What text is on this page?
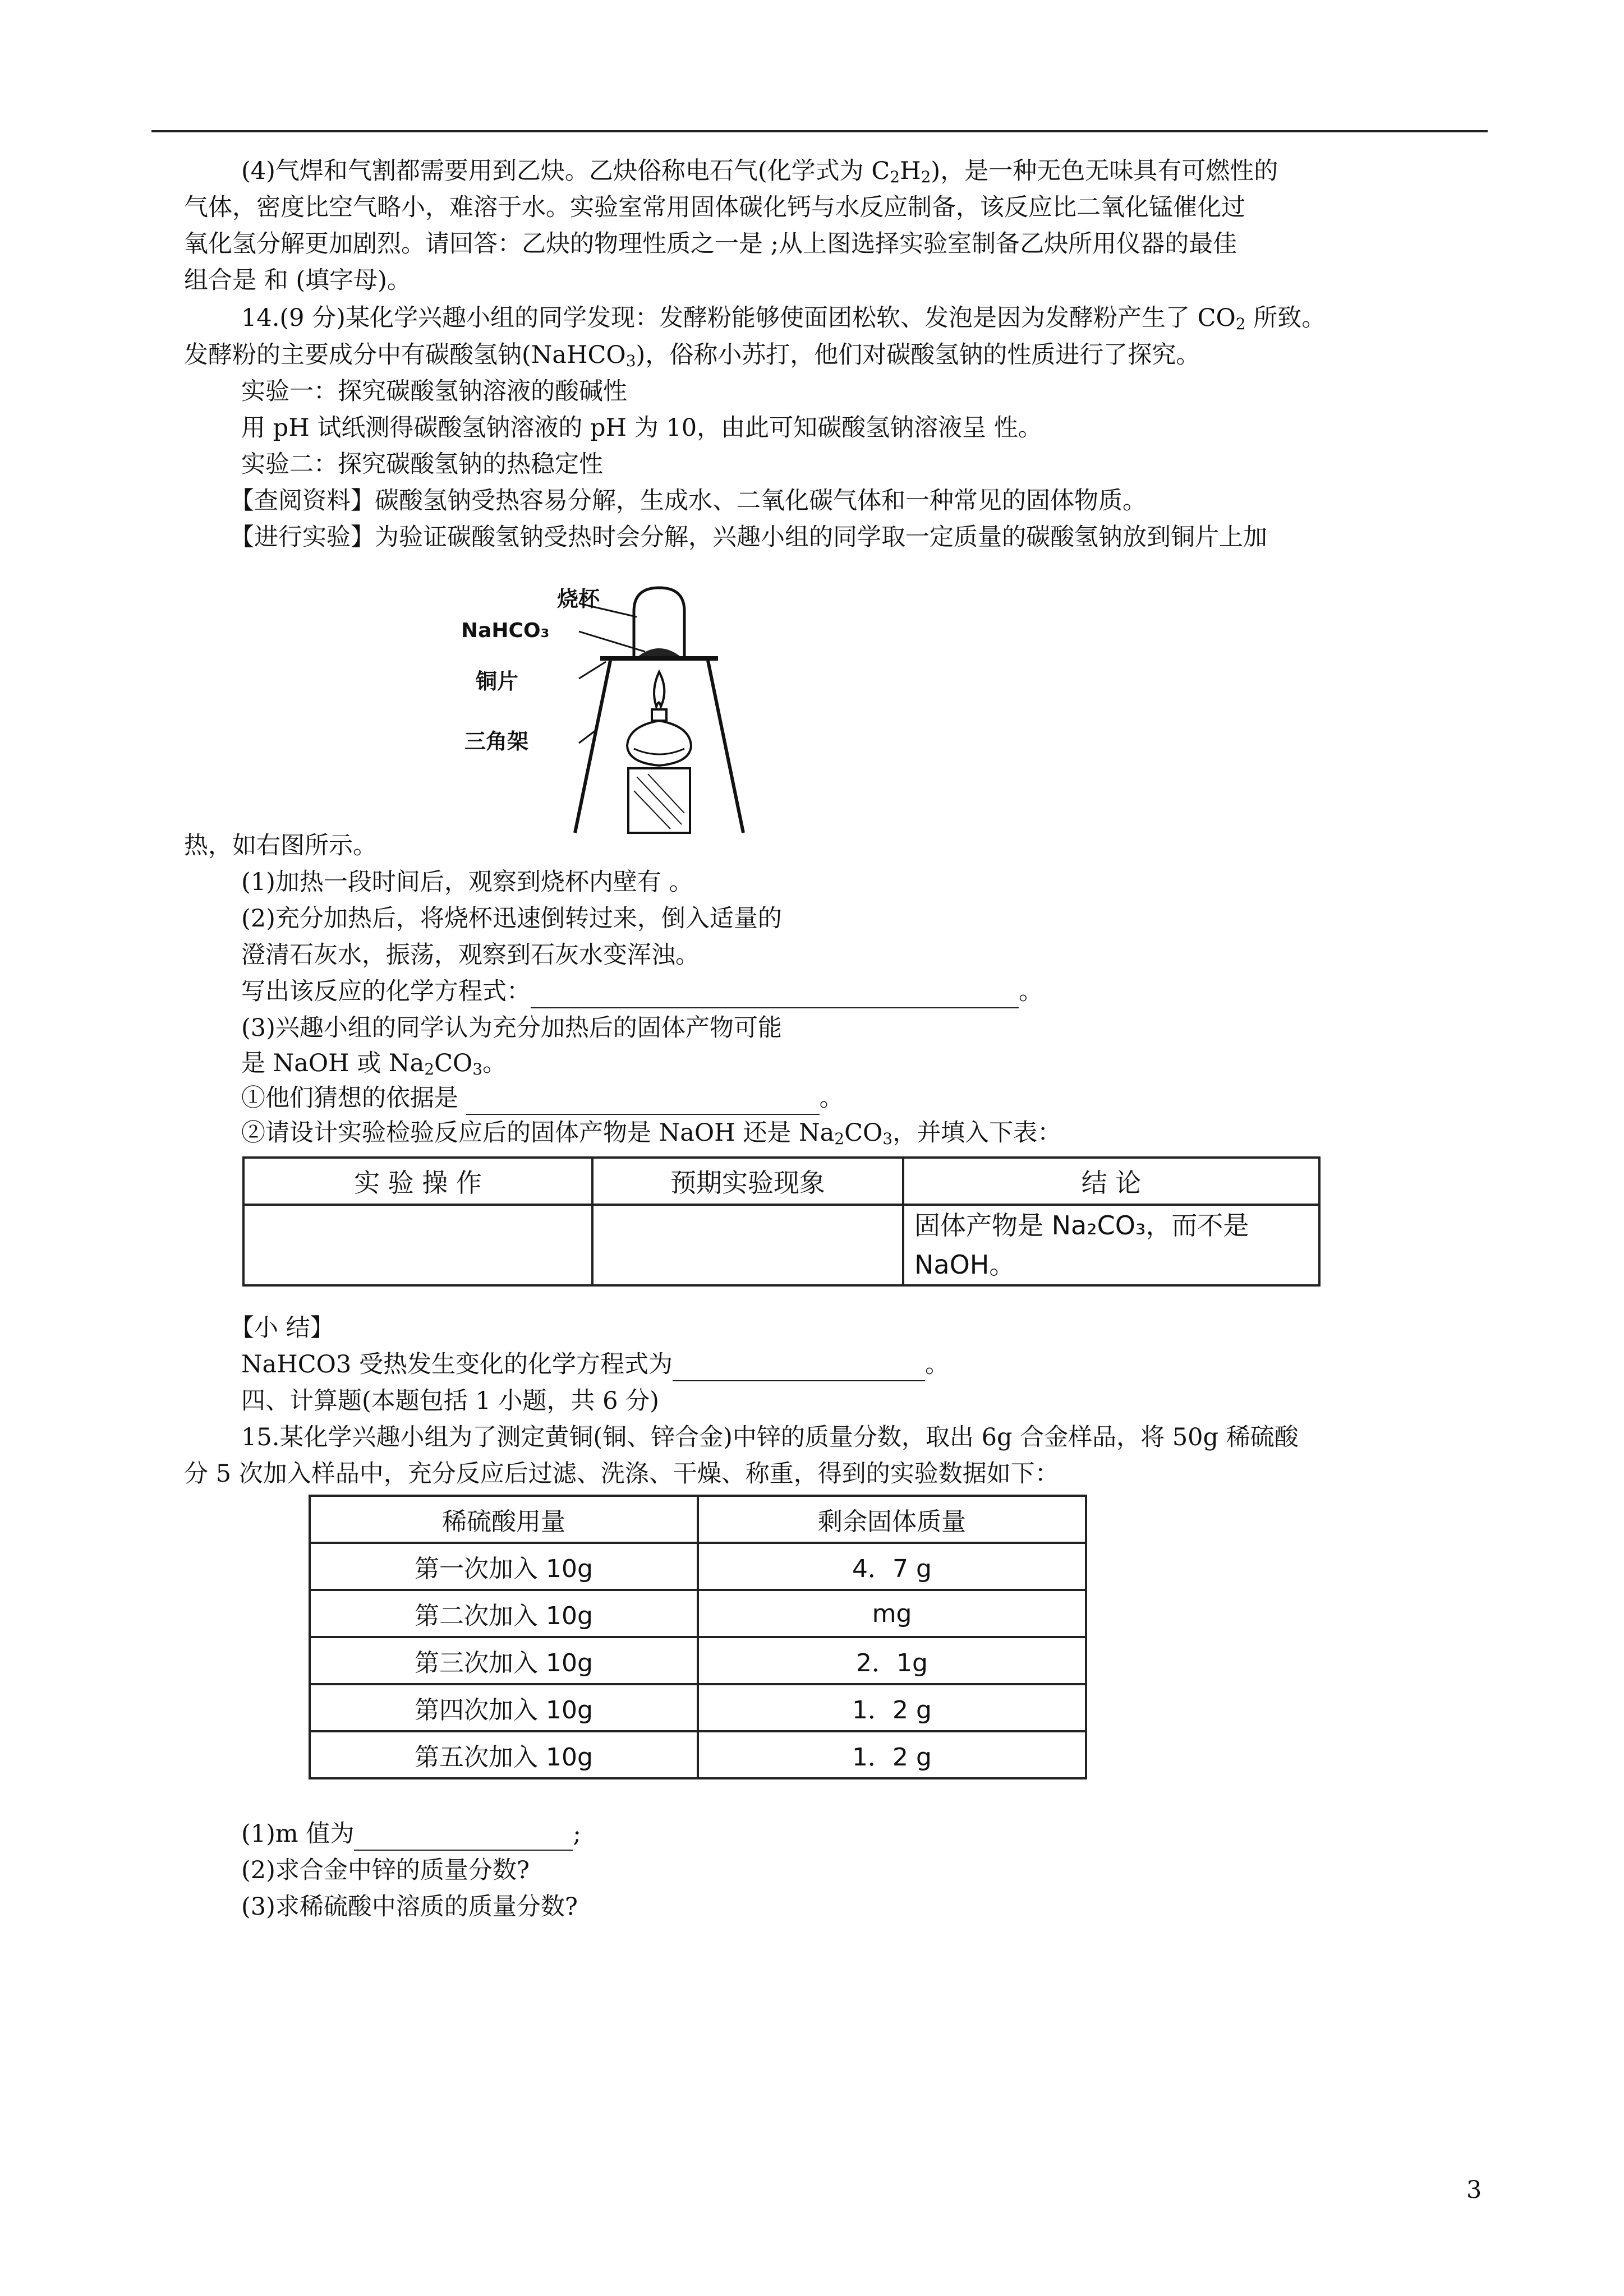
(4)气焊和气割都需要用到乙炔。乙炔俗称电石气(化学式为 $C_2H_2$)，是一种无色无味具有可燃性的
气体，密度比空气略小，难溶于水。实验室常用固体碳化钙与水反应制备，该反应比二氧化锰催化过
氧化氢分解更加剧烈。请回答：乙炔的物理性质之一是 ;从上图选择实验室制备乙炔所用仪器的最佳
组合是 和 (填字母)。
14.(9 分)某化学兴趣小组的同学发现：发酵粉能够使面团松软、发泡是因为发酵粉产生了 $CO_2$ 所致。
发酵粉的主要成分中有碳酸氢钠(NaHCO$_3$)，俗称小苏打，他们对碳酸氢钠的性质进行了探究。
实验一：探究碳酸氢钠溶液的酸碱性
用 pH 试纸测得碳酸氢钠溶液的 pH 为 10，由此可知碳酸氢钠溶液呈 性。
实验二：探究碳酸氢钠的热稳定性
【查阅资料】碳酸氢钠受热容易分解，生成水、二氧化碳气体和一种常见的固体物质。
【进行实验】为验证碳酸氢钠受热时会分解，兴趣小组的同学取一定质量的碳酸氢钠放到铜片上加
烧杯
NaHCO₃
铜片
三角架
热，如右图所示。
(1)加热一段时间后，观察到烧杯内壁有 。
(2)充分加热后，将烧杯迅速倒转过来，倒入适量的
澄清石灰水，振荡，观察到石灰水变浑浊。
写出该反应的化学方程式：	。
(3)兴趣小组的同学认为充分加热后的固体产物可能
是 NaOH 或 $Na_2CO_3$。
①他们猜想的依据是	。
②请设计实验检验反应后的固体产物是 NaOH 还是 $Na_2CO_3$，并填入下表：
实 验 操 作	预期实验现象	结 论

		固体产物是 Na₂CO₃，而不是
NaOH。
【小 结】
NaHCO3 受热发生变化的化学方程式为	。
四、计算题(本题包括 1 小题，共 6 分)
15.某化学兴趣小组为了测定黄铜(铜、锌合金)中锌的质量分数，取出 6g 合金样品，将 50g 稀硫酸
分 5 次加入样品中，充分反应后过滤、洗涤、干燥、称重，得到的实验数据如下：
稀硫酸用量	剩余固体质量
第一次加入 10g	4．7 g
第二次加入 10g	mg
第三次加入 10g	2．1g
第四次加入 10g	1．2 g
第五次加入 10g	1．2 g
(1)m 值为	;
(2)求合金中锌的质量分数?
(3)求稀硫酸中溶质的质量分数?
3
